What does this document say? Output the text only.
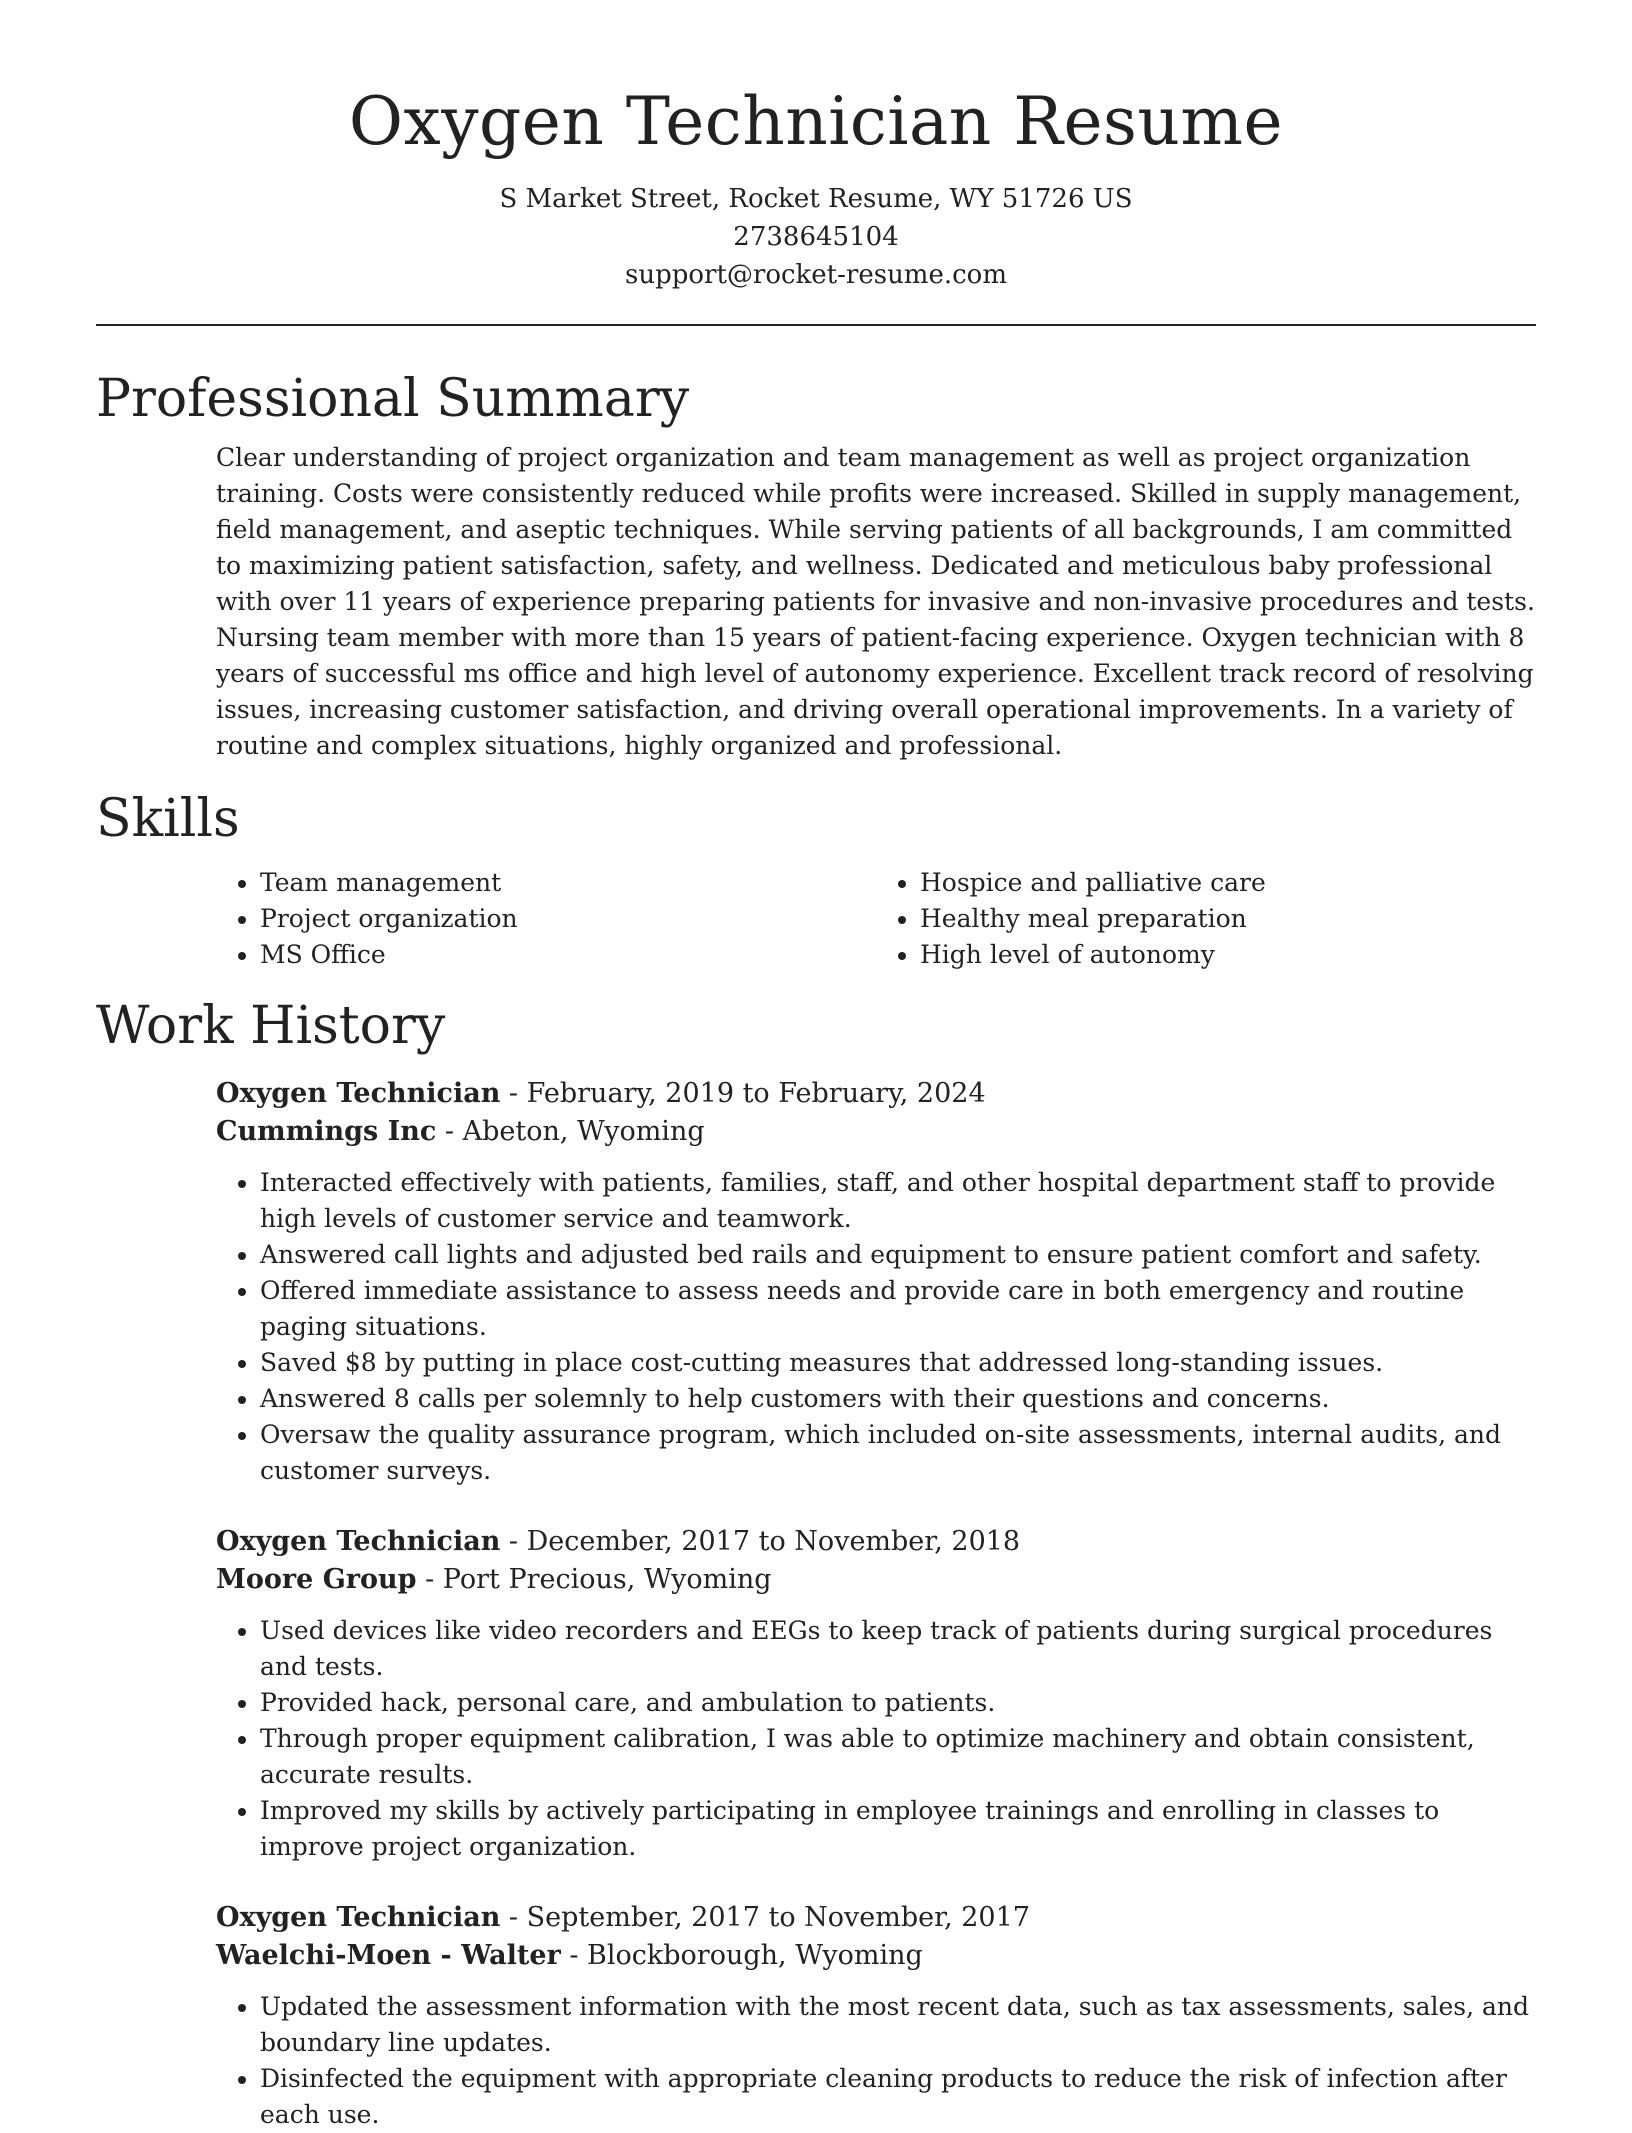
Oxygen Technician Resume
S Market Street, Rocket Resume, WY 51726 US
2738645104
support@rocket-resume.com
Professional Summary

Clear understanding of project organization and team management as well as project organization training. Costs were consistently reduced while profits were increased. Skilled in supply management, field management, and aseptic techniques. While serving patients of all backgrounds, I am committed to maximizing patient satisfaction, safety, and wellness. Dedicated and meticulous baby professional with over 11 years of experience preparing patients for invasive and non-invasive procedures and tests. Nursing team member with more than 15 years of patient-facing experience. Oxygen technician with 8 years of successful ms office and high level of autonomy experience. Excellent track record of resolving issues, increasing customer satisfaction, and driving overall operational improvements. In a variety of routine and complex situations, highly organized and professional.

Skills
• Team management
• Project organization
• MS Office
• Hospice and palliative care
• Healthy meal preparation
• High level of autonomy
Work History
Oxygen Technician - February, 2019 to February, 2024
Cummings Inc - Abeton, Wyoming
• Interacted effectively with patients, families, staff, and other hospital department staff to provide high levels of customer service and teamwork.
• Answered call lights and adjusted bed rails and equipment to ensure patient comfort and safety.
• Offered immediate assistance to assess needs and provide care in both emergency and routine paging situations.
• Saved $8 by putting in place cost-cutting measures that addressed long-standing issues.
• Answered 8 calls per solemnly to help customers with their questions and concerns.
• Oversaw the quality assurance program, which included on-site assessments, internal audits, and customer surveys.
Oxygen Technician - December, 2017 to November, 2018
Moore Group - Port Precious, Wyoming
• Used devices like video recorders and EEGs to keep track of patients during surgical procedures and tests.
• Provided hack, personal care, and ambulation to patients.
• Through proper equipment calibration, I was able to optimize machinery and obtain consistent, accurate results.
• Improved my skills by actively participating in employee trainings and enrolling in classes to improve project organization.
Oxygen Technician - September, 2017 to November, 2017
Waelchi-Moen - Walter - Blockborough, Wyoming
• Updated the assessment information with the most recent data, such as tax assessments, sales, and boundary line updates.
• Disinfected the equipment with appropriate cleaning products to reduce the risk of infection after each use.
